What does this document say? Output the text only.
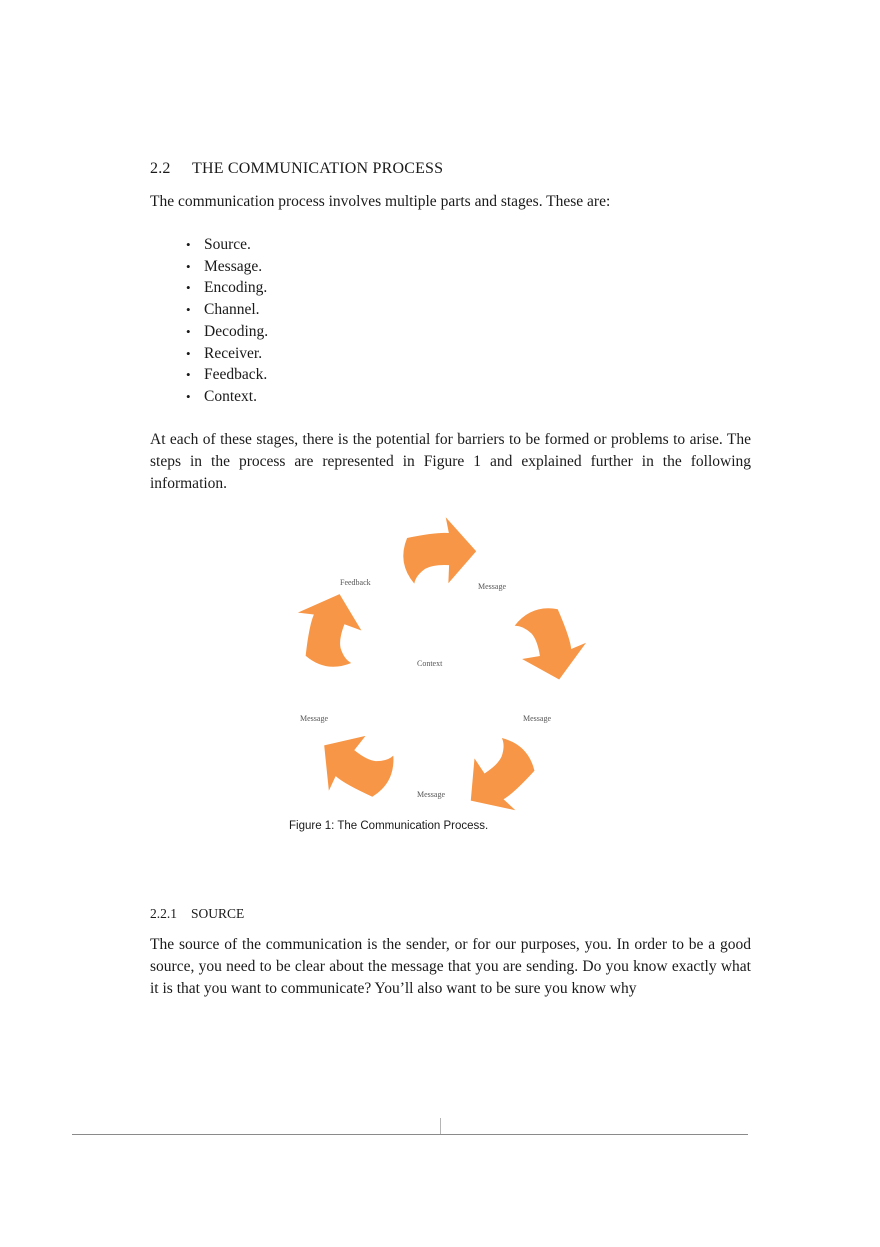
2.2 THE COMMUNICATION PROCESS

The communication process involves multiple parts and stages. These are:

• Source.
• Message.
• Encoding.
• Channel.
• Decoding.
• Receiver.
• Feedback.
• Context.

At each of these stages, there is the potential for barriers to be formed or problems to arise. The steps in the process are represented in Figure 1 and explained further in the following information.

Feedback	Message
Context
Message	Message
Message
Figure 1: The Communication Process.
2.2.1 SOURCE

The source of the communication is the sender, or for our purposes, you. In order to be a good source, you need to be clear about the message that you are sending. Do you know exactly what it is that you want to communicate? You’ll also want to be sure you know why
